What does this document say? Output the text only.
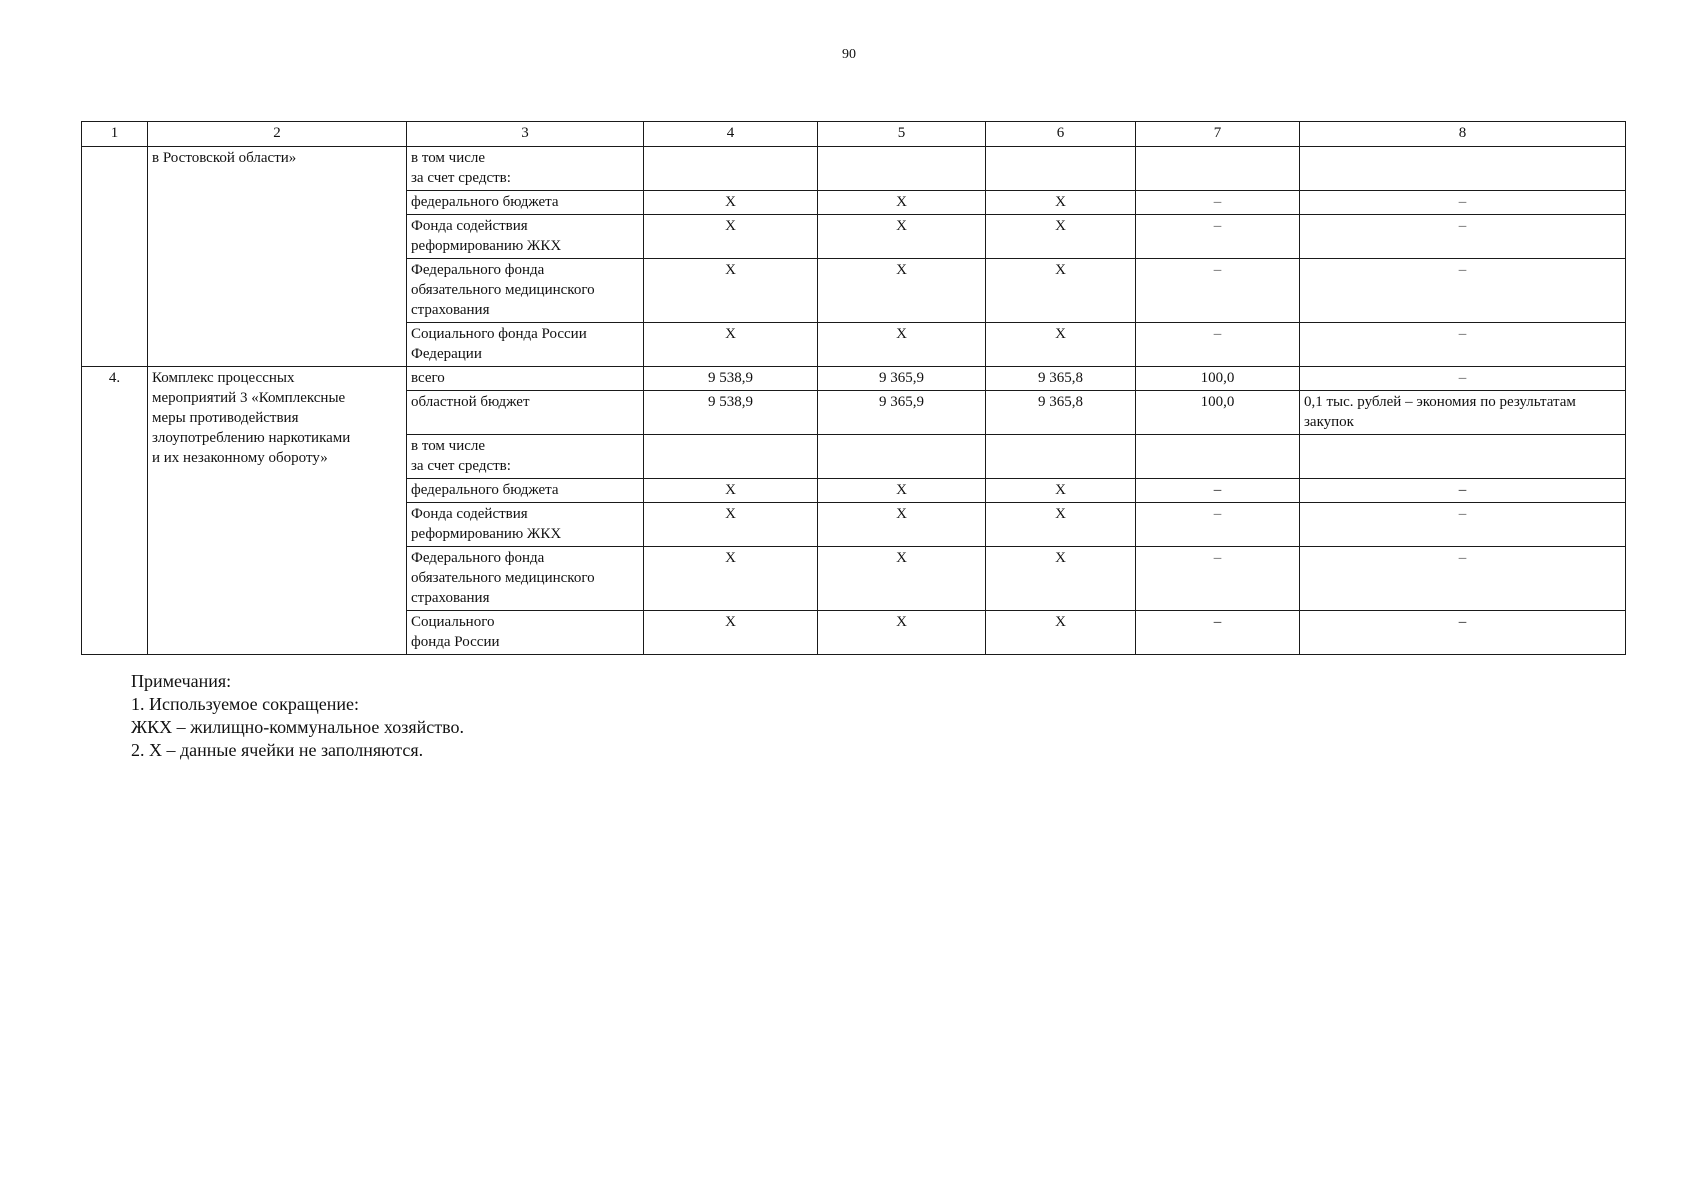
90
1	2	3	4	5	6	7	8
	в Ростовской области»	в том числе
за счет средств:					
		федерального бюджета	Х	Х	Х	–	–
		Фонда содействия
реформированию ЖКХ	Х	Х	Х	–	–
		Федерального фонда
обязательного медицинского
страхования	Х	Х	Х	–	–
		Социального фонда России
Федерации	Х	Х	Х	–	–
4.	Комплекс процессных
мероприятий 3 «Комплексные
меры противодействия
злоупотреблению наркотиками
и их незаконному обороту»	всего	9 538,9	9 365,9	9 365,8	100,0	–
		областной бюджет	9 538,9	9 365,9	9 365,8	100,0	0,1 тыс. рублей – экономия по результатам закупок
		в том числе
за счет средств:					
		федерального бюджета	Х	Х	Х	–	–
		Фонда содействия
реформированию ЖКХ	Х	Х	Х	–	–
		Федерального фонда
обязательного медицинского
страхования	Х	Х	Х	–	–
		Социального
фонда России	Х	Х	Х	–	–
Примечания:
1. Используемое сокращение:
ЖКХ – жилищно-коммунальное хозяйство.
2. Х – данные ячейки не заполняются.
